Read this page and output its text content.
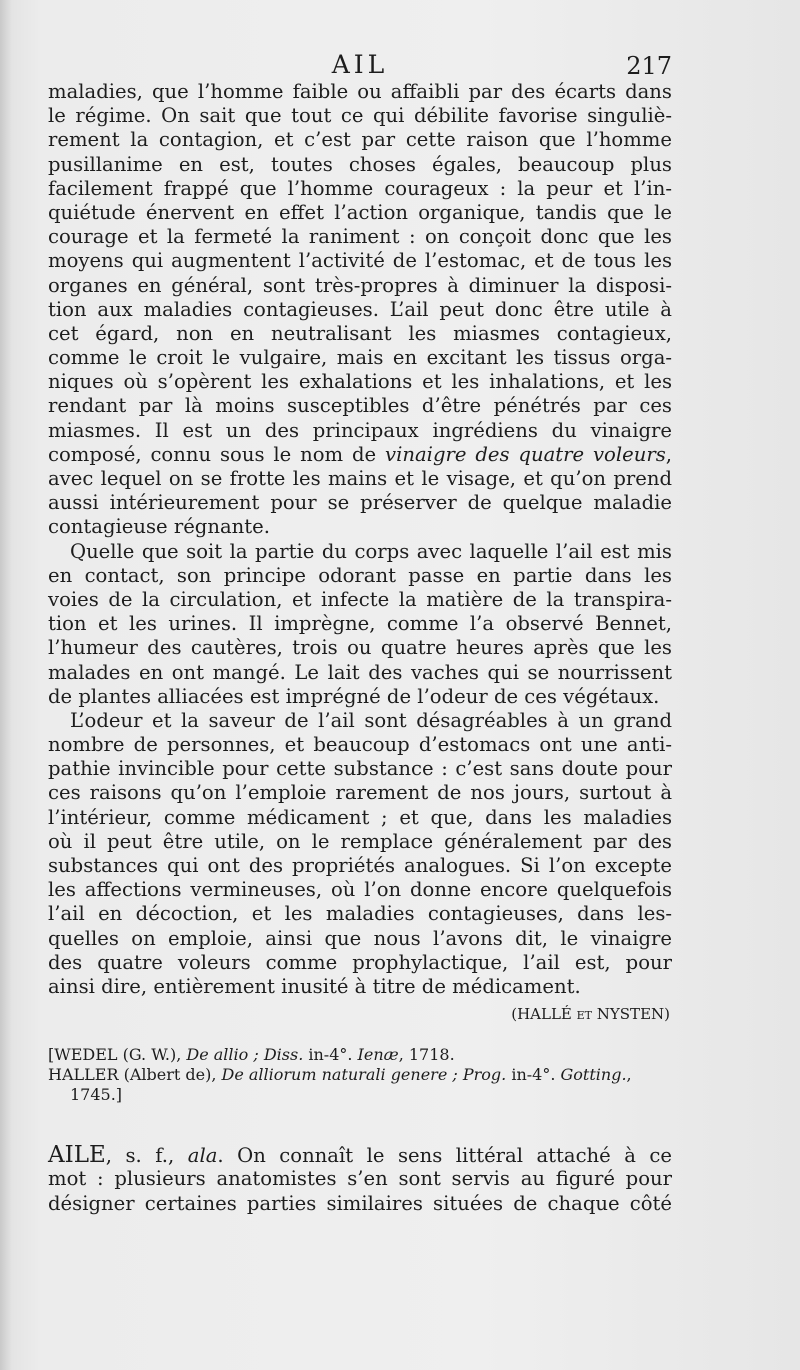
AIL	217
maladies, que l’homme faible ou affaibli par des écarts dans
le régime. On sait que tout ce qui débilite favorise singuliè-
rement la contagion, et c’est par cette raison que l’homme
pusillanime en est, toutes choses égales, beaucoup plus
facilement frappé que l’homme courageux : la peur et l’in-
quiétude énervent en effet l’action organique, tandis que le
courage et la fermeté la raniment : on conçoit donc que les
moyens qui augmentent l’activité de l’estomac, et de tous les
organes en général, sont très-propres à diminuer la disposi-
tion aux maladies contagieuses. L’ail peut donc être utile à
cet égard, non en neutralisant les miasmes contagieux,
comme le croit le vulgaire, mais en excitant les tissus orga-
niques où s’opèrent les exhalations et les inhalations, et les
rendant par là moins susceptibles d’être pénétrés par ces
miasmes. Il est un des principaux ingrédiens du vinaigre
composé, connu sous le nom de vinaigre des quatre voleurs,
avec lequel on se frotte les mains et le visage, et qu’on prend
aussi intérieurement pour se préserver de quelque maladie
contagieuse régnante.
Quelle que soit la partie du corps avec laquelle l’ail est mis
en contact, son principe odorant passe en partie dans les
voies de la circulation, et infecte la matière de la transpira-
tion et les urines. Il imprègne, comme l’a observé Bennet,
l’humeur des cautères, trois ou quatre heures après que les
malades en ont mangé. Le lait des vaches qui se nourrissent
de plantes alliacées est imprégné de l’odeur de ces végétaux.
L’odeur et la saveur de l’ail sont désagréables à un grand
nombre de personnes, et beaucoup d’estomacs ont une anti-
pathie invincible pour cette substance : c’est sans doute pour
ces raisons qu’on l’emploie rarement de nos jours, surtout à
l’intérieur, comme médicament ; et que, dans les maladies
où il peut être utile, on le remplace généralement par des
substances qui ont des propriétés analogues. Si l’on excepte
les affections vermineuses, où l’on donne encore quelquefois
l’ail en décoction, et les maladies contagieuses, dans les-
quelles on emploie, ainsi que nous l’avons dit, le vinaigre
des quatre voleurs comme prophylactique, l’ail est, pour
ainsi dire, entièrement inusité à titre de médicament.
(HALLÉ et NYSTEN)
[WEDEL (G. W.), De allio ; Diss. in-4°. Ienæ, 1718.
HALLER (Albert de), De alliorum naturali genere ; Prog. in-4°. Gotting.,
1745.]
AILE, s. f., ala. On connaît le sens littéral attaché à ce
mot : plusieurs anatomistes s’en sont servis au figuré pour
désigner certaines parties similaires situées de chaque côté
